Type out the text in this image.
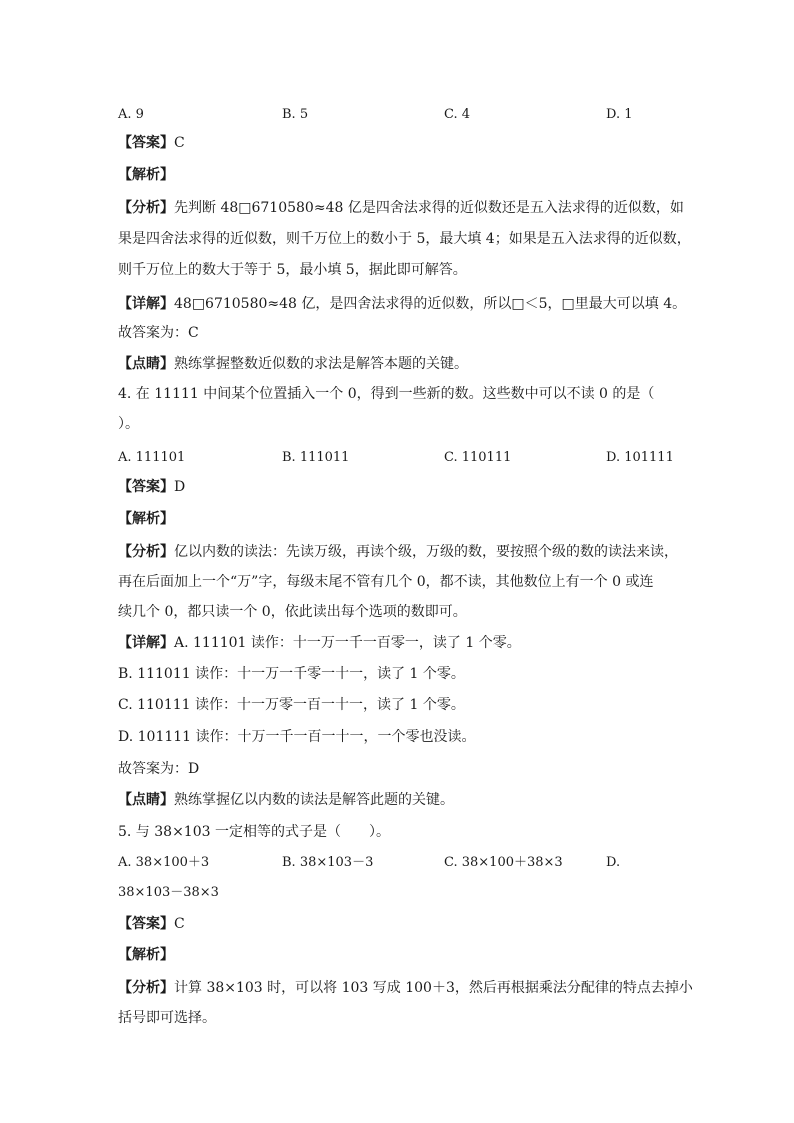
A. 9	B. 5	C. 4	D. 1
【答案】C
【解析】
【分析】先判断 48□6710580≈48 亿是四舍法求得的近似数还是五入法求得的近似数，如
果是四舍法求得的近似数，则千万位上的数小于 5，最大填 4；如果是五入法求得的近似数，
则千万位上的数大于等于 5，最小填 5，据此即可解答。
【详解】48□6710580≈48 亿，是四舍法求得的近似数，所以□＜5，□里最大可以填 4。
故答案为：C
【点睛】熟练掌握整数近似数的求法是解答本题的关键。
4. 在 11111 中间某个位置插入一个 0，得到一些新的数。这些数中可以不读 0 的是（
）。
A. 111101	B. 111011	C. 110111	D. 101111
【答案】D
【解析】
【分析】亿以内数的读法：先读万级，再读个级，万级的数，要按照个级的数的读法来读，
再在后面加上一个“万”字，每级末尾不管有几个 0，都不读，其他数位上有一个 0 或连
续几个 0，都只读一个 0，依此读出每个选项的数即可。
【详解】A. 111101 读作：十一万一千一百零一，读了 1 个零。
B. 111011 读作：十一万一千零一十一，读了 1 个零。
C. 110111 读作：十一万零一百一十一，读了 1 个零。
D. 101111 读作：十万一千一百一十一，一个零也没读。
故答案为：D
【点睛】熟练掌握亿以内数的读法是解答此题的关键。
5. 与 38×103 一定相等的式子是（　　）。
A. 38×100＋3	B. 38×103－3	C. 38×100＋38×3	D.
38×103－38×3
【答案】C
【解析】
【分析】计算 38×103 时，可以将 103 写成 100＋3，然后再根据乘法分配律的特点去掉小
括号即可选择。
